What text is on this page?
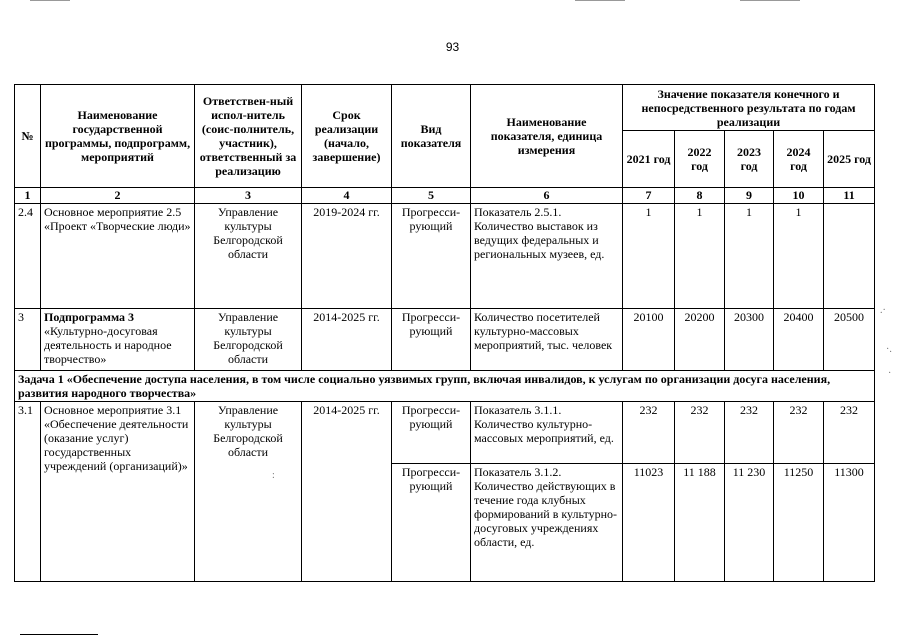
93
№	Наименование государственной программы, подпрограмм, мероприятий	Ответствен-ный испол-нитель (соис-полнитель, участник), ответственный за реализацию	Срок реализации (начало, завершение)	Вид показателя	Наименование показателя, единица измерения	Значение показателя конечного и непосредственного результата по годам реализации				
						2021 год	2022 год	2023 год	2024 год	2025 год
1	2	3	4	5	6	7	8	9	10	11
2.4	Основное мероприятие 2.5 «Проект «Творческие люди»	Управление культуры Белгородской области	2019-2024 гг.	Прогресси-рующий	Показатель 2.5.1. Количество выставок из ведущих федеральных и региональных музеев, ед.	1	1	1	1	
3	Подпрограмма 3
«Культурно-досуговая деятельность и народное творчество»	Управление культуры Белгородской области	2014-2025 гг.	Прогресси-рующий	Количество посетителей культурно-массовых мероприятий, тыс. человек	20100	20200	20300	20400	20500
Задача 1 «Обеспечение доступа населения, в том числе социально уязвимых групп, включая инвалидов, к услугам по организации досуга населения, развития народного творчества»										
3.1	Основное мероприятие 3.1 «Обеспечение деятельности (оказание услуг) государственных учреждений (организаций)»	Управление культуры Белгородской области	2014-2025 гг.	Прогресси-рующий	Показатель 3.1.1. Количество культурно-массовых мероприятий, ед.	232	232	232	232	232
				Прогресси-рующий	Показатель 3.1.2. Количество действующих в течение года клубных формирований в культурно-досуговых учреждениях области, ед.	11023	11 188	11 230	11250	11300
.·
·.
·
:
